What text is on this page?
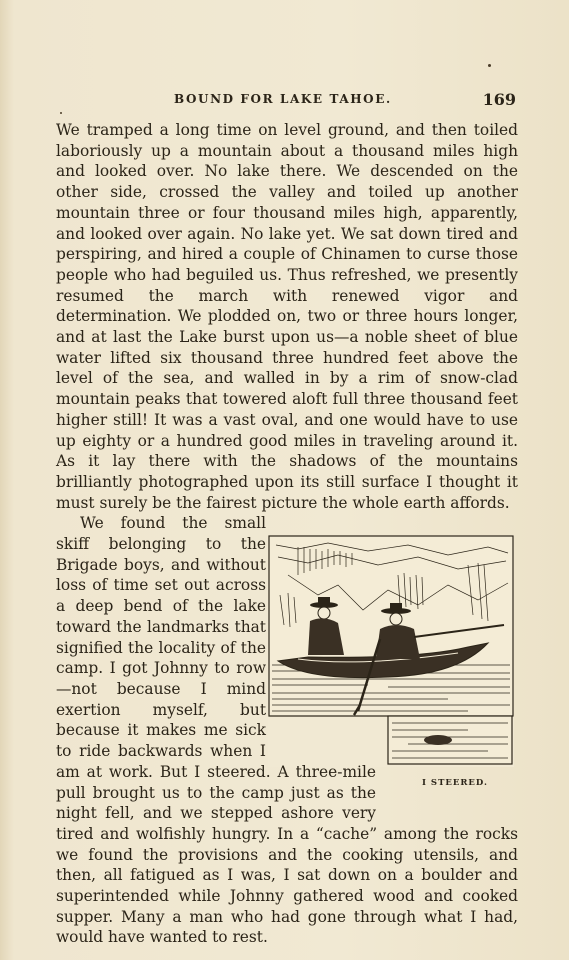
BOUND FOR LAKE TAHOE.	169
I STEERED.

We tramped a long time on level ground, and then toiled laboriously up a mountain about a thousand miles high and looked over. No lake there. We descended on the other side, crossed the valley and toiled up another mountain three or four thousand miles high, apparently, and looked over again. No lake yet. We sat down tired and perspiring, and hired a couple of Chinamen to curse those people who had beguiled us. Thus refreshed, we presently resumed the march with renewed vigor and determination. We plodded on, two or three hours longer, and at last the Lake burst upon us—a noble sheet of blue water lifted six thousand three hundred feet above the level of the sea, and walled in by a rim of snow-clad mountain peaks that towered aloft full three thousand feet higher still! It was a vast oval, and one would have to use up eighty or a hundred good miles in traveling around it. As it lay there with the shadows of the mountains brilliantly photographed upon its still surface I thought it must surely be the fairest picture the whole earth affords.

We found the small skiff belonging to the Brigade boys, and without loss of time set out across a deep bend of the lake toward the landmarks that signified the locality of the camp. I got Johnny to row—not because I mind exertion myself, but because it makes me sick to ride backwards when I am at work. But I steered. A three-mile pull brought us to the camp just as the night fell, and we stepped ashore very tired and wolfishly hungry. In a “cache” among the rocks we found the provisions and the cooking utensils, and then, all fatigued as I was, I sat down on a boulder and superintended while Johnny gathered wood and cooked supper. Many a man who had gone through what I had, would have wanted to rest.
